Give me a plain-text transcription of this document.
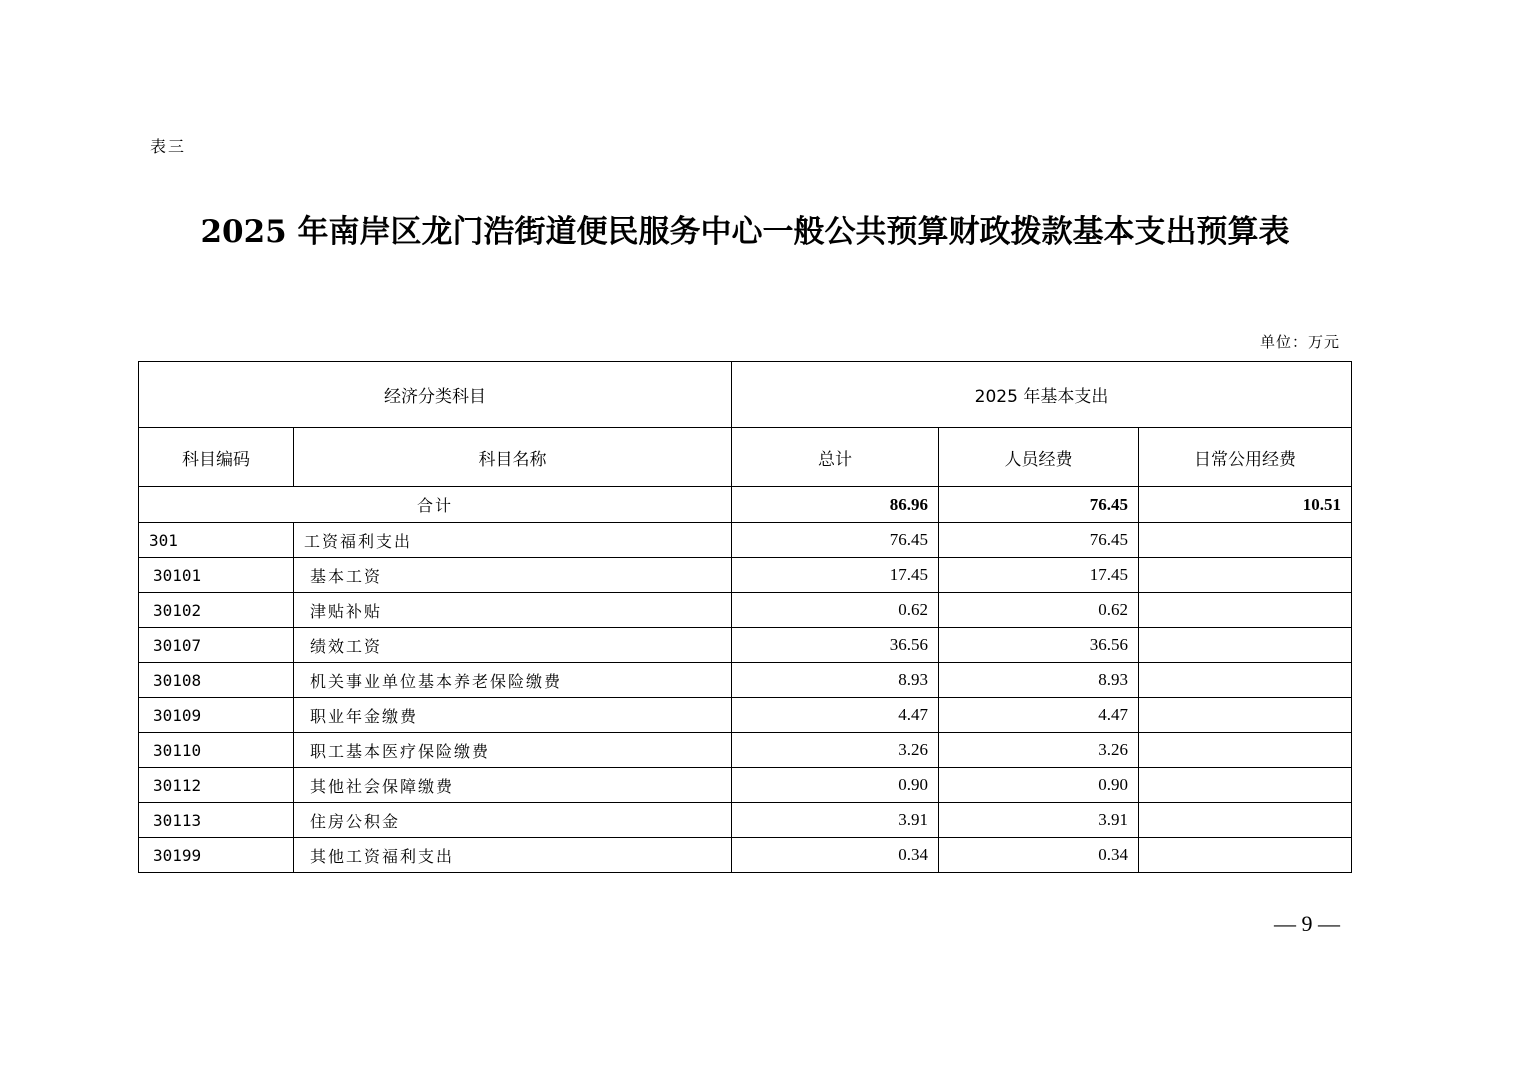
表三
2025 年南岸区龙门浩街道便民服务中心一般公共预算财政拨款基本支出预算表
单位：万元
经济分类科目		2025 年基本支出		
科目编码	科目名称	总计	人员经费	日常公用经费
合计		86.96	76.45	10.51
301	工资福利支出	76.45	76.45	
30101	基本工资	17.45	17.45	
30102	津贴补贴	0.62	0.62	
30107	绩效工资	36.56	36.56	
30108	机关事业单位基本养老保险缴费	8.93	8.93	
30109	职业年金缴费	4.47	4.47	
30110	职工基本医疗保险缴费	3.26	3.26	
30112	其他社会保障缴费	0.90	0.90	
30113	住房公积金	3.91	3.91	
30199	其他工资福利支出	0.34	0.34	
— 9 —
